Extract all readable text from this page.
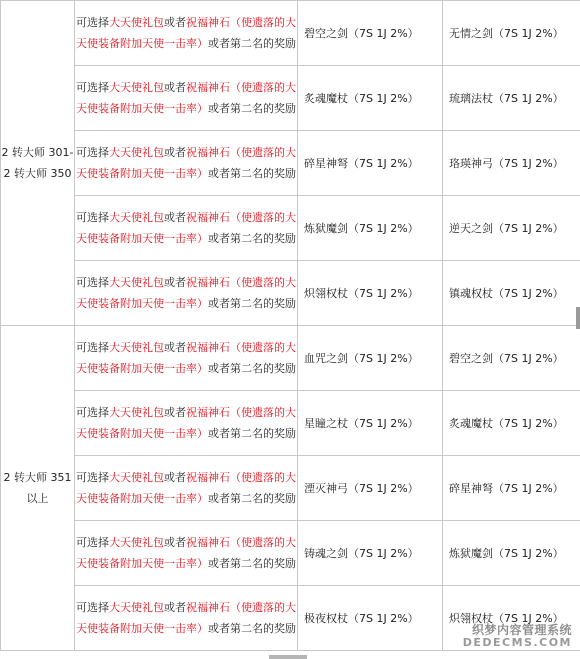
2 转大师 301-2 转大师 350	可选择大天使礼包或者祝福神石（使遗落的大天使装备附加天使一击率）或者第二名的奖励	碧空之剑（7S 1J 2%）	无情之剑（7S 1J 2%）
	可选择大天使礼包或者祝福神石（使遗落的大天使装备附加天使一击率）或者第二名的奖励	炙魂魔杖（7S 1J 2%）	琉璃法杖（7S 1J 2%）
	可选择大天使礼包或者祝福神石（使遗落的大天使装备附加天使一击率）或者第二名的奖励	碎星神弩（7S 1J 2%）	珞瑛神弓（7S 1J 2%）
	可选择大天使礼包或者祝福神石（使遗落的大天使装备附加天使一击率）或者第二名的奖励	炼狱魔剑（7S 1J 2%）	逆天之剑（7S 1J 2%）
	可选择大天使礼包或者祝福神石（使遗落的大天使装备附加天使一击率）或者第二名的奖励	炽翎权杖（7S 1J 2%）	镇魂权杖（7S 1J 2%）
2 转大师 351 以上	可选择大天使礼包或者祝福神石（使遗落的大天使装备附加天使一击率）或者第二名的奖励	血咒之剑（7S 1J 2%）	碧空之剑（7S 1J 2%）
	可选择大天使礼包或者祝福神石（使遗落的大天使装备附加天使一击率）或者第二名的奖励	星瞳之杖（7S 1J 2%）	炙魂魔杖（7S 1J 2%）
	可选择大天使礼包或者祝福神石（使遗落的大天使装备附加天使一击率）或者第二名的奖励	湮灭神弓（7S 1J 2%）	碎星神弩（7S 1J 2%）
	可选择大天使礼包或者祝福神石（使遗落的大天使装备附加天使一击率）或者第二名的奖励	铸魂之剑（7S 1J 2%）	炼狱魔剑（7S 1J 2%）
	可选择大天使礼包或者祝福神石（使遗落的大天使装备附加天使一击率）或者第二名的奖励	极夜权杖（7S 1J 2%）	炽翎权杖（7S 1J 2%）
织梦内容管理系统
DEDECMS.COM
